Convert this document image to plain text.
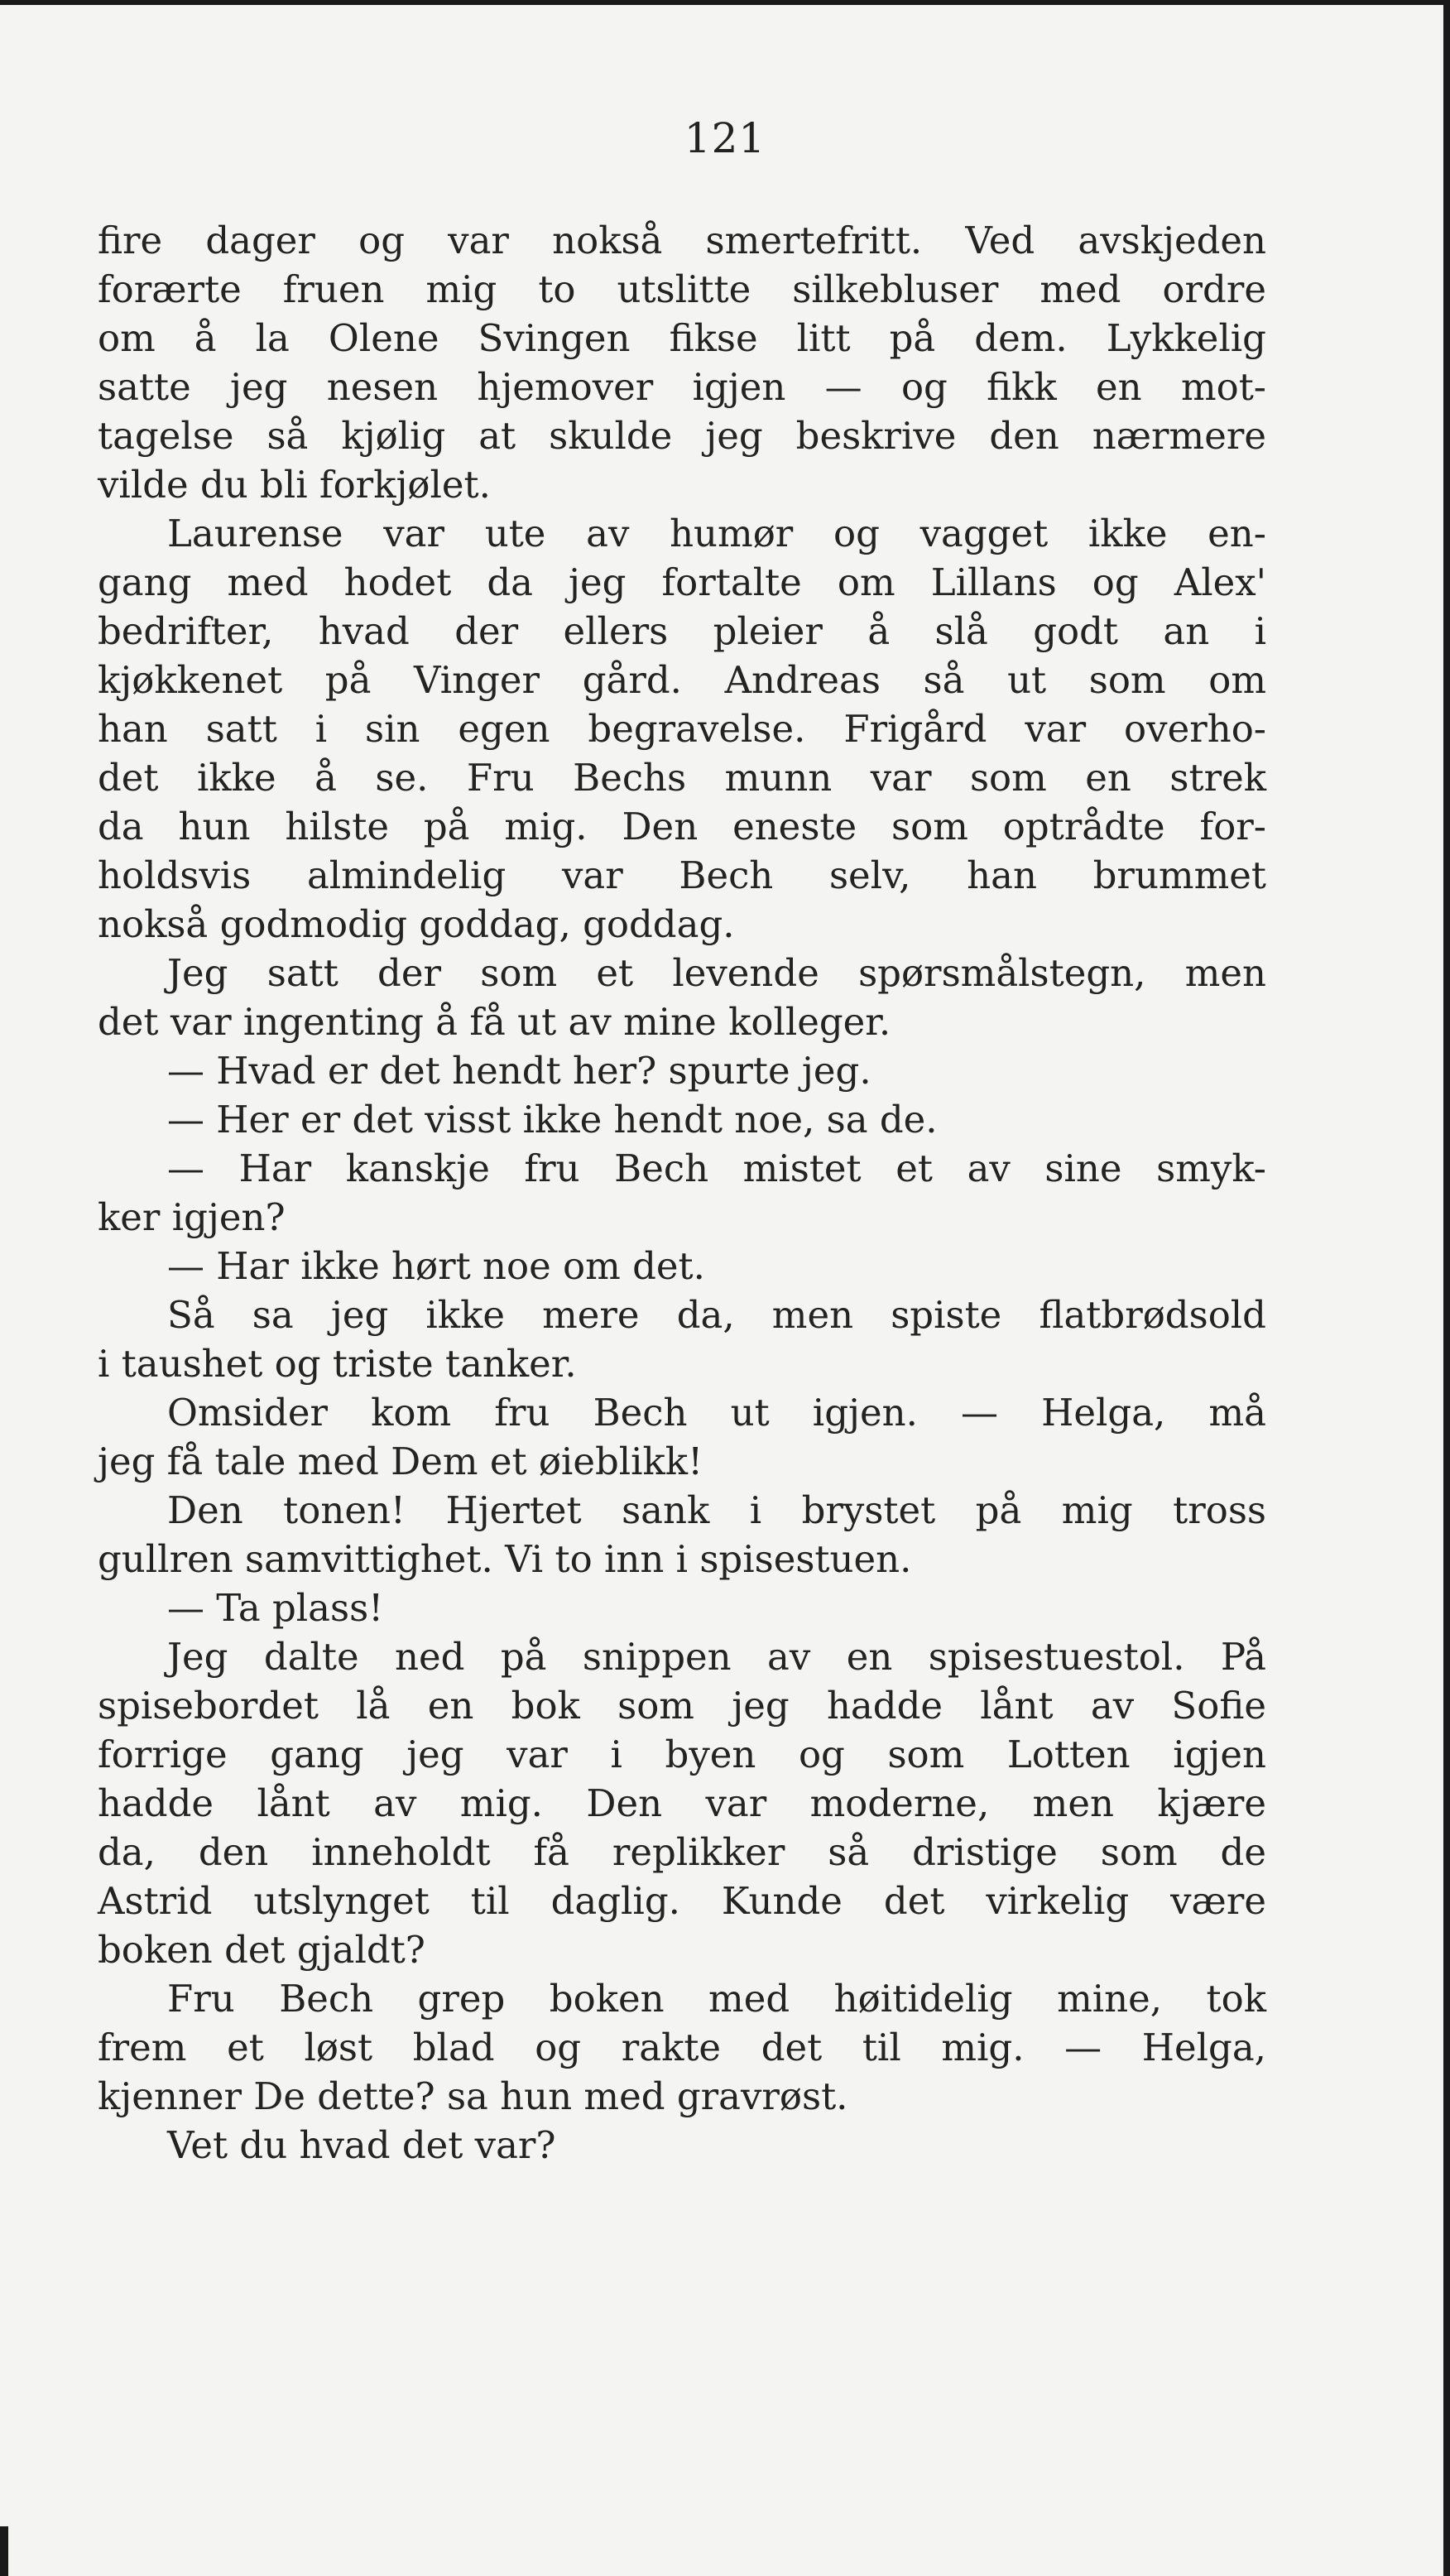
121
fire dager og var nokså smertefritt. Ved avskjeden
forærte fruen mig to utslitte silkebluser med ordre
om å la Olene Svingen fikse litt på dem. Lykkelig
satte jeg nesen hjemover igjen — og fikk en mot-
tagelse så kjølig at skulde jeg beskrive den nærmere
vilde du bli forkjølet.
Laurense var ute av humør og vagget ikke en-
gang med hodet da jeg fortalte om Lillans og Alex'
bedrifter, hvad der ellers pleier å slå godt an i
kjøkkenet på Vinger gård. Andreas så ut som om
han satt i sin egen begravelse. Frigård var overho-
det ikke å se. Fru Bechs munn var som en strek
da hun hilste på mig. Den eneste som optrådte for-
holdsvis almindelig var Bech selv, han brummet
nokså godmodig goddag, goddag.
Jeg satt der som et levende spørsmålstegn, men
det var ingenting å få ut av mine kolleger.
— Hvad er det hendt her? spurte jeg.
— Her er det visst ikke hendt noe, sa de.
— Har kanskje fru Bech mistet et av sine smyk-
ker igjen?
— Har ikke hørt noe om det.
Så sa jeg ikke mere da, men spiste flatbrødsold
i taushet og triste tanker.
Omsider kom fru Bech ut igjen. — Helga, må
jeg få tale med Dem et øieblikk!
Den tonen! Hjertet sank i brystet på mig tross
gullren samvittighet. Vi to inn i spisestuen.
— Ta plass!
Jeg dalte ned på snippen av en spisestuestol. På
spisebordet lå en bok som jeg hadde lånt av Sofie
forrige gang jeg var i byen og som Lotten igjen
hadde lånt av mig. Den var moderne, men kjære
da, den inneholdt få replikker så dristige som de
Astrid utslynget til daglig. Kunde det virkelig være
boken det gjaldt?
Fru Bech grep boken med høitidelig mine, tok
frem et løst blad og rakte det til mig. — Helga,
kjenner De dette? sa hun med gravrøst.
Vet du hvad det var?
